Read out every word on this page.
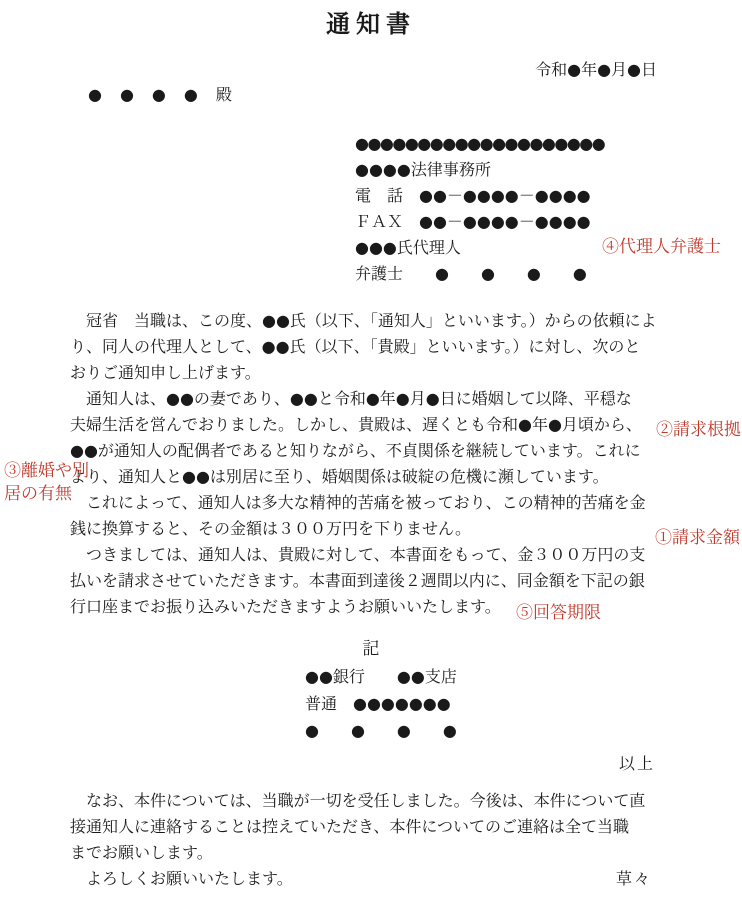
通知書
令和●年●月●日
●　●　●　●　殿
●●●●●●●●●●●●●●●●●●●●
●●●●法律事務所
電　話　●●－●●●●－●●●●
ＦＡＸ　●●－●●●●－●●●●
●●●氏代理人
弁護士　　●　　●　　●　　●
④代理人弁護士
　冠省　当職は、この度、●●氏（以下、「通知人」といいます。）からの依頼によ
り、同人の代理人として、●●氏（以下、「貴殿」といいます。）に対し、次のと
おりご通知申し上げます。
　通知人は、●●の妻であり、●●と令和●年●月●日に婚姻して以降、平穏な
夫婦生活を営んでおりました。しかし、貴殿は、遅くとも令和●年●月頃から、
●●が通知人の配偶者であると知りながら、不貞関係を継続しています。これに
より、通知人と●●は別居に至り、婚姻関係は破綻の危機に瀕しています。
　これによって、通知人は多大な精神的苦痛を被っており、この精神的苦痛を金
銭に換算すると、その金額は３００万円を下りません。
　つきましては、通知人は、貴殿に対して、本書面をもって、金３００万円の支
払いを請求させていただきます。本書面到達後２週間以内に、同金額を下記の銀
行口座までお振り込みいただきますようお願いいたします。
②請求根拠
③離婚や別
居の有無
①請求金額
⑤回答期限
記
●●銀行　　●●支店
普通　●●●●●●●
●　　●　　●　　●
以上
　なお、本件については、当職が一切を受任しました。今後は、本件について直
接通知人に連絡することは控えていただき、本件についてのご連絡は全て当職
までお願いします。
　よろしくお願いいたします。	草々
